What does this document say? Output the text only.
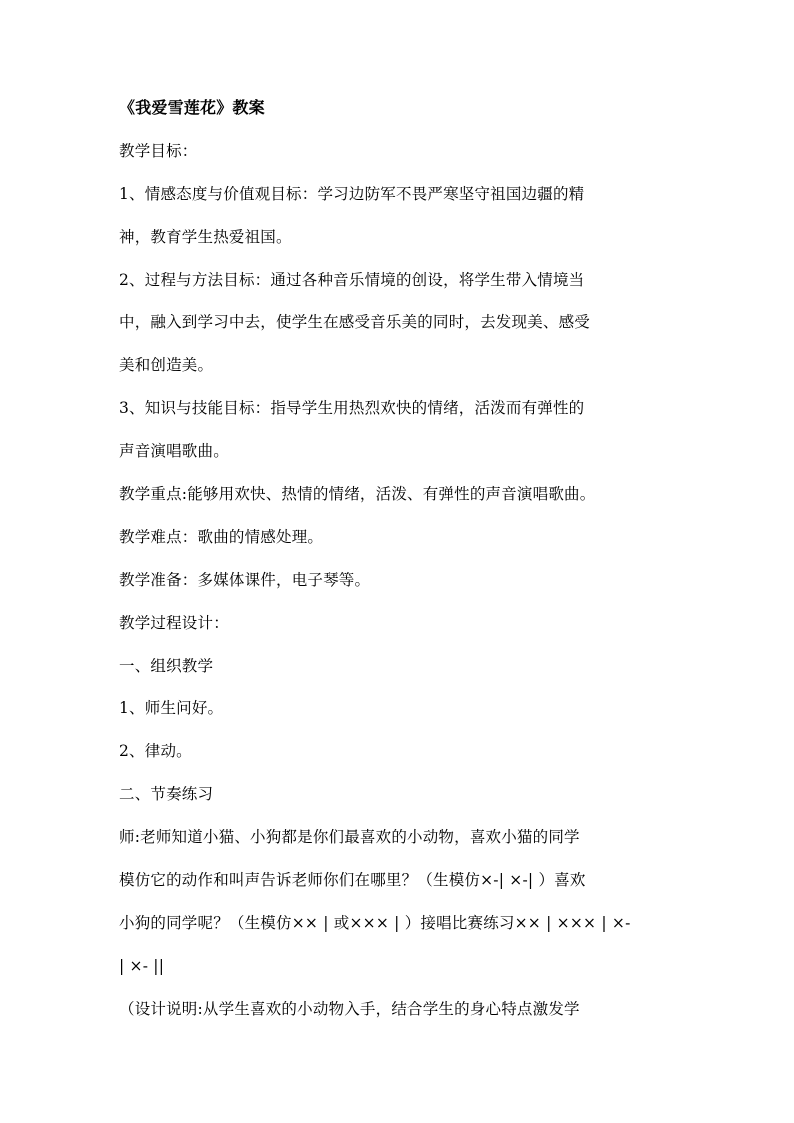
《我爱雪莲花》教案
教学目标：
1、情感态度与价值观目标：学习边防军不畏严寒坚守祖国边疆的精
神，教育学生热爱祖国。
2、过程与方法目标：通过各种音乐情境的创设，将学生带入情境当
中，融入到学习中去，使学生在感受音乐美的同时，去发现美、感受
美和创造美。
3、知识与技能目标：指导学生用热烈欢快的情绪，活泼而有弹性的
声音演唱歌曲。
教学重点:能够用欢快、热情的情绪，活泼、有弹性的声音演唱歌曲。
教学难点：歌曲的情感处理。
教学准备：多媒体课件，电子琴等。
教学过程设计：
一、组织教学
1、师生问好。
2、律动。
二、节奏练习
师:老师知道小猫、小狗都是你们最喜欢的小动物，喜欢小猫的同学
模仿它的动作和叫声告诉老师你们在哪里？（生模仿×-| ×-| ）喜欢
小狗的同学呢？（生模仿×× | 或××× | ）接唱比赛练习×× | ××× | ×-
| ×- ||
（设计说明:从学生喜欢的小动物入手，结合学生的身心特点激发学
